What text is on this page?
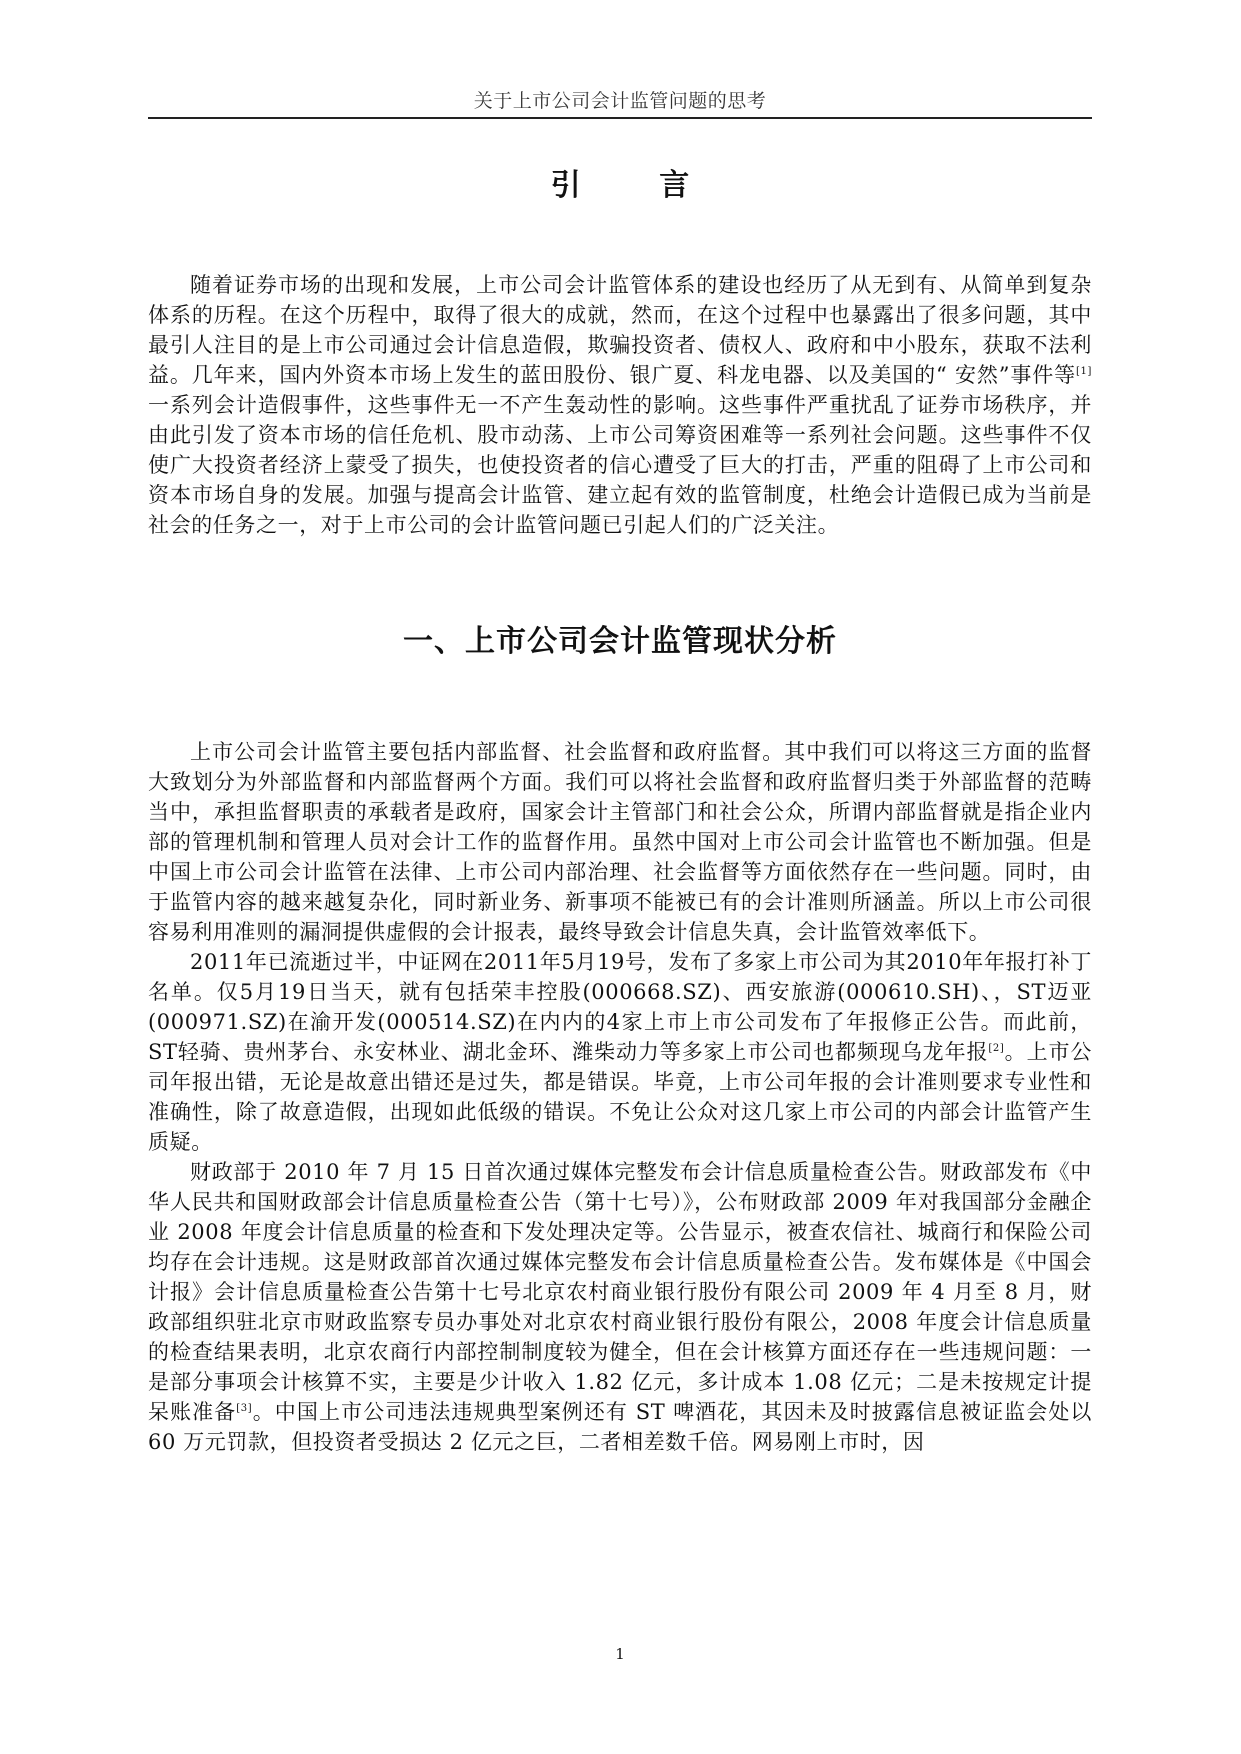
关于上市公司会计监管问题的思考
引 言

随着证券市场的出现和发展，上市公司会计监管体系的建设也经历了从无到有、从简单到复杂体系的历程。在这个历程中，取得了很大的成就，然而，在这个过程中也暴露出了很多问题，其中最引人注目的是上市公司通过会计信息造假，欺骗投资者、债权人、政府和中小股东，获取不法利益。几年来，国内外资本市场上发生的蓝田股份、银广夏、科龙电器、以及美国的“ 安然”事件等[1]一系列会计造假事件，这些事件无一不产生轰动性的影响。这些事件严重扰乱了证券市场秩序，并由此引发了资本市场的信任危机、股市动荡、上市公司筹资困难等一系列社会问题。这些事件不仅使广大投资者经济上蒙受了损失，也使投资者的信心遭受了巨大的打击，严重的阻碍了上市公司和资本市场自身的发展。加强与提高会计监管、建立起有效的监管制度，杜绝会计造假已成为当前是社会的任务之一，对于上市公司的会计监管问题已引起人们的广泛关注。

一、上市公司会计监管现状分析

上市公司会计监管主要包括内部监督、社会监督和政府监督。其中我们可以将这三方面的监督大致划分为外部监督和内部监督两个方面。我们可以将社会监督和政府监督归类于外部监督的范畴当中，承担监督职责的承载者是政府，国家会计主管部门和社会公众，所谓内部监督就是指企业内部的管理机制和管理人员对会计工作的监督作用。虽然中国对上市公司会计监管也不断加强。但是中国上市公司会计监管在法律、上市公司内部治理、社会监督等方面依然存在一些问题。同时，由于监管内容的越来越复杂化，同时新业务、新事项不能被已有的会计准则所涵盖。所以上市公司很容易利用准则的漏洞提供虚假的会计报表，最终导致会计信息失真，会计监管效率低下。

2011年已流逝过半，中证网在2011年5月19号，发布了多家上市公司为其2010年年报打补丁名单。仅5月19日当天，就有包括荣丰控股(000668.SZ)、西安旅游(000610.SH)、，ST迈亚(000971.SZ)在渝开发(000514.SZ)在内内的4家上市上市公司发布了年报修正公告。而此前，ST轻骑、贵州茅台、永安林业、湖北金环、潍柴动力等多家上市公司也都频现乌龙年报[2]。上市公司年报出错，无论是故意出错还是过失，都是错误。毕竟，上市公司年报的会计准则要求专业性和准确性，除了故意造假，出现如此低级的错误。不免让公众对这几家上市公司的内部会计监管产生质疑。

财政部于 2010 年 7 月 15 日首次通过媒体完整发布会计信息质量检查公告。财政部发布《中华人民共和国财政部会计信息质量检查公告（第十七号）》，公布财政部 2009 年对我国部分金融企业 2008 年度会计信息质量的检查和下发处理决定等。公告显示，被查农信社、城商行和保险公司均存在会计违规。这是财政部首次通过媒体完整发布会计信息质量检查公告。发布媒体是《中国会计报》会计信息质量检查公告第十七号北京农村商业银行股份有限公司 2009 年 4 月至 8 月，财政部组织驻北京市财政监察专员办事处对北京农村商业银行股份有限公，2008 年度会计信息质量的检查结果表明，北京农商行内部控制制度较为健全，但在会计核算方面还存在一些违规问题：一是部分事项会计核算不实，主要是少计收入 1.82 亿元，多计成本 1.08 亿元；二是未按规定计提呆账准备[3]。中国上市公司违法违规典型案例还有 ST 啤酒花，其因未及时披露信息被证监会处以 60 万元罚款，但投资者受损达 2 亿元之巨，二者相差数千倍。网易刚上市时，因

1
